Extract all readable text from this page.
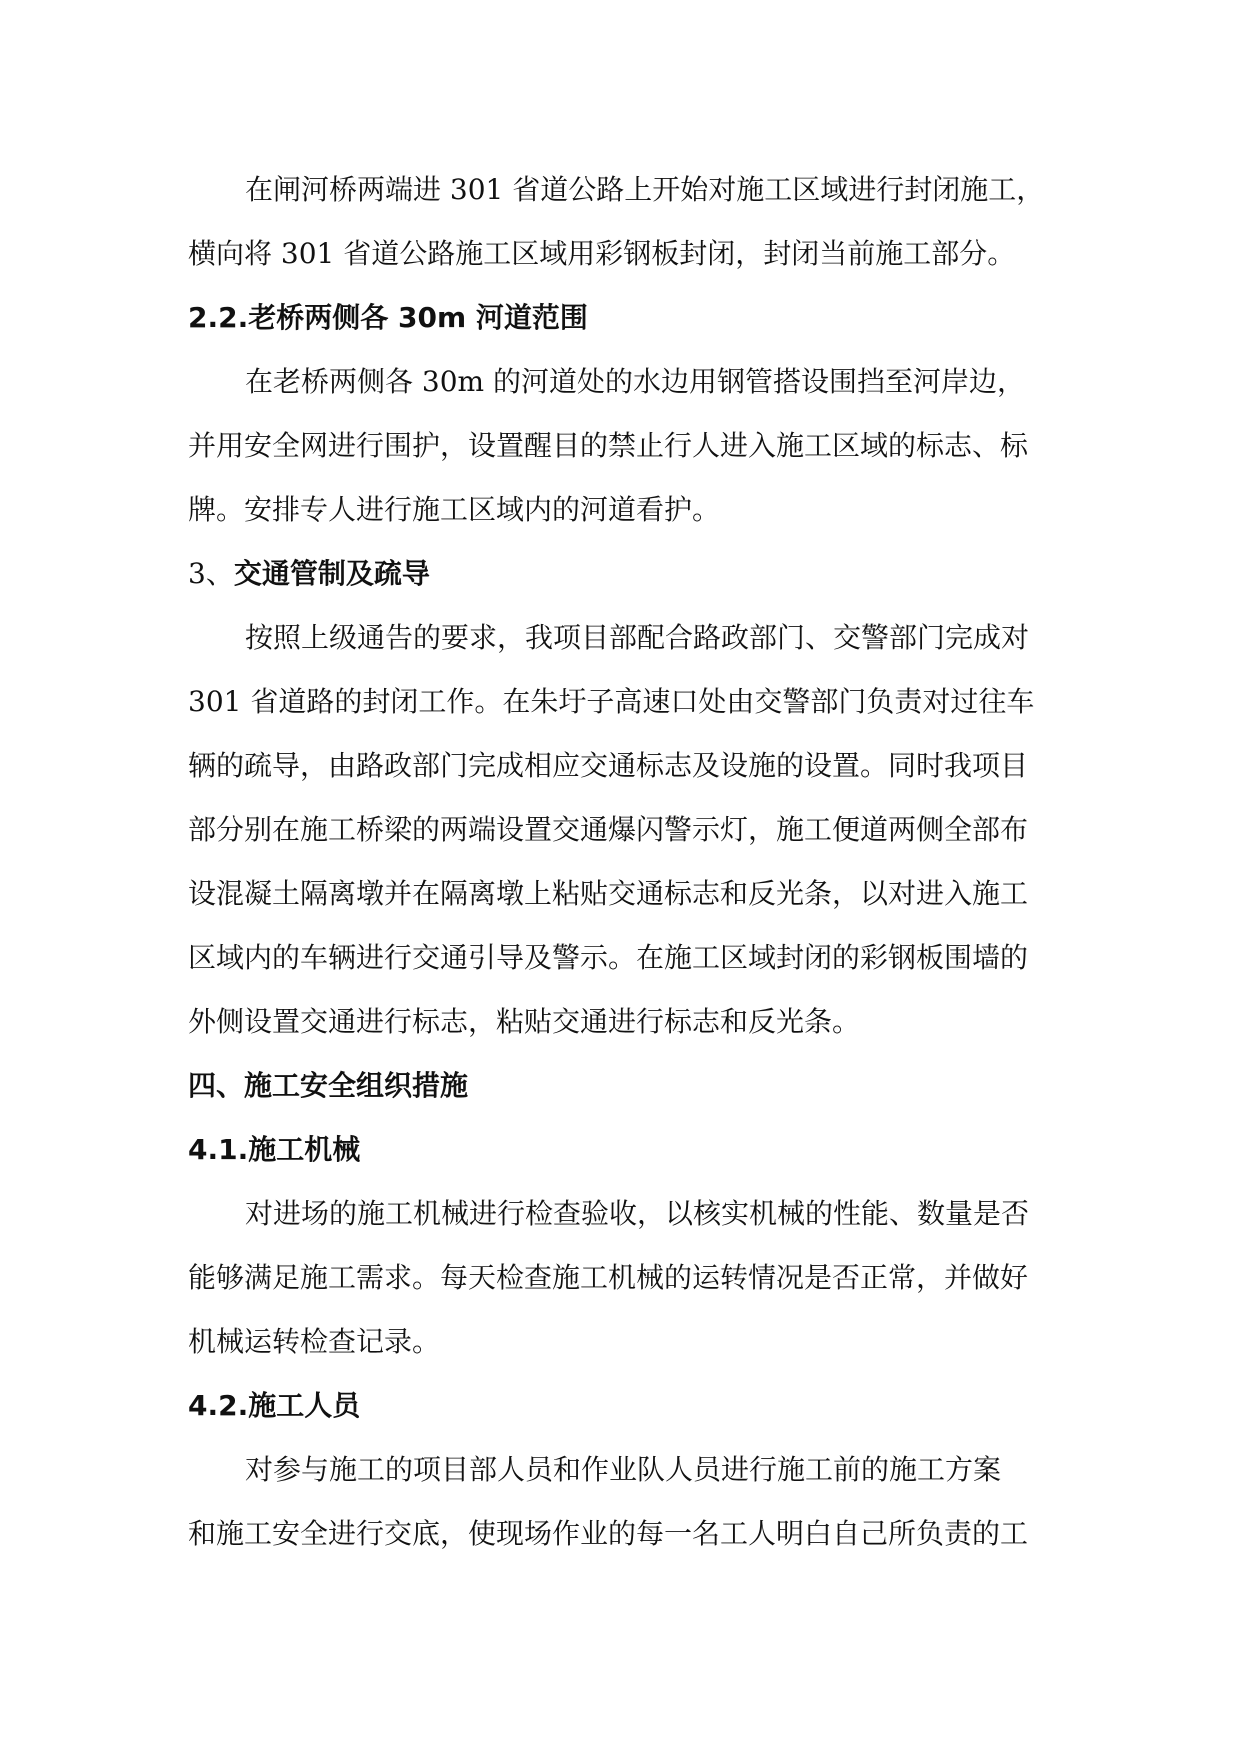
在闸河桥两端进 301 省道公路上开始对施工区域进行封闭施工，
横向将 301 省道公路施工区域用彩钢板封闭，封闭当前施工部分。
2.2.老桥两侧各 30m 河道范围
在老桥两侧各 30m 的河道处的水边用钢管搭设围挡至河岸边，
并用安全网进行围护，设置醒目的禁止行人进入施工区域的标志、标
牌。安排专人进行施工区域内的河道看护。
3、交通管制及疏导
按照上级通告的要求，我项目部配合路政部门、交警部门完成对
301 省道路的封闭工作。在朱圩子高速口处由交警部门负责对过往车
辆的疏导，由路政部门完成相应交通标志及设施的设置。同时我项目
部分别在施工桥梁的两端设置交通爆闪警示灯，施工便道两侧全部布
设混凝土隔离墩并在隔离墩上粘贴交通标志和反光条，以对进入施工
区域内的车辆进行交通引导及警示。在施工区域封闭的彩钢板围墙的
外侧设置交通进行标志，粘贴交通进行标志和反光条。
四、施工安全组织措施
4.1.施工机械
对进场的施工机械进行检查验收，以核实机械的性能、数量是否
能够满足施工需求。每天检查施工机械的运转情况是否正常，并做好
机械运转检查记录。
4.2.施工人员
对参与施工的项目部人员和作业队人员进行施工前的施工方案
和施工安全进行交底，使现场作业的每一名工人明白自己所负责的工
